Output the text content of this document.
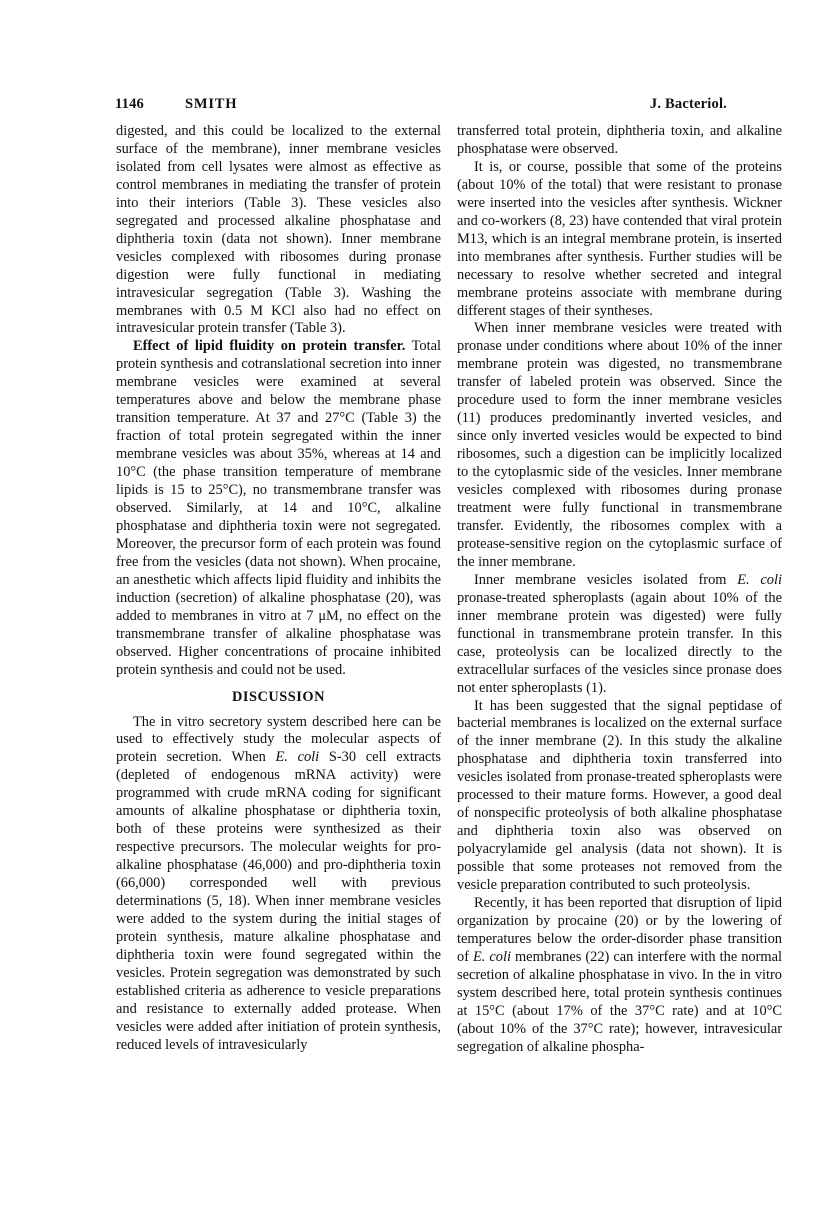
1146	SMITH	J. Bacteriol.

digested, and this could be localized to the external surface of the membrane), inner membrane vesicles isolated from cell lysates were almost as effective as control membranes in mediating the transfer of protein into their interiors (Table 3). These vesicles also segregated and processed alkaline phosphatase and diphtheria toxin (data not shown). Inner membrane vesicles complexed with ribosomes during pronase digestion were fully functional in mediating intravesicular segregation (Table 3). Washing the membranes with 0.5 M KCl also had no effect on intravesicular protein transfer (Table 3).

Effect of lipid fluidity on protein transfer. Total protein synthesis and cotranslational secretion into inner membrane vesicles were examined at several temperatures above and below the membrane phase transition temperature. At 37 and 27°C (Table 3) the fraction of total protein segregated within the inner membrane vesicles was about 35%, whereas at 14 and 10°C (the phase transition temperature of membrane lipids is 15 to 25°C), no transmembrane transfer was observed. Similarly, at 14 and 10°C, alkaline phosphatase and diphtheria toxin were not segregated. Moreover, the precursor form of each protein was found free from the vesicles (data not shown). When procaine, an anesthetic which affects lipid fluidity and inhibits the induction (secretion) of alkaline phosphatase (20), was added to membranes in vitro at 7 μM, no effect on the transmembrane transfer of alkaline phosphatase was observed. Higher concentrations of procaine inhibited protein synthesis and could not be used.

DISCUSSION

The in vitro secretory system described here can be used to effectively study the molecular aspects of protein secretion. When E. coli S-30 cell extracts (depleted of endogenous mRNA activity) were programmed with crude mRNA coding for significant amounts of alkaline phosphatase or diphtheria toxin, both of these proteins were synthesized as their respective precursors. The molecular weights for pro-alkaline phosphatase (46,000) and pro-diphtheria toxin (66,000) corresponded well with previous determinations (5, 18). When inner membrane vesicles were added to the system during the initial stages of protein synthesis, mature alkaline phosphatase and diphtheria toxin were found segregated within the vesicles. Protein segregation was demonstrated by such established criteria as adherence to vesicle preparations and resistance to externally added protease. When vesicles were added after initiation of protein synthesis, reduced levels of intravesicularly

transferred total protein, diphtheria toxin, and alkaline phosphatase were observed.

It is, or course, possible that some of the proteins (about 10% of the total) that were resistant to pronase were inserted into the vesicles after synthesis. Wickner and co-workers (8, 23) have contended that viral protein M13, which is an integral membrane protein, is inserted into membranes after synthesis. Further studies will be necessary to resolve whether secreted and integral membrane proteins associate with membrane during different stages of their syntheses.

When inner membrane vesicles were treated with pronase under conditions where about 10% of the inner membrane protein was digested, no transmembrane transfer of labeled protein was observed. Since the procedure used to form the inner membrane vesicles (11) produces predominantly inverted vesicles, and since only inverted vesicles would be expected to bind ribosomes, such a digestion can be implicitly localized to the cytoplasmic side of the vesicles. Inner membrane vesicles complexed with ribosomes during pronase treatment were fully functional in transmembrane transfer. Evidently, the ribosomes complex with a protease-sensitive region on the cytoplasmic surface of the inner membrane.

Inner membrane vesicles isolated from E. coli pronase-treated spheroplasts (again about 10% of the inner membrane protein was digested) were fully functional in transmembrane protein transfer. In this case, proteolysis can be localized directly to the extracellular surfaces of the vesicles since pronase does not enter spheroplasts (1).

It has been suggested that the signal peptidase of bacterial membranes is localized on the external surface of the inner membrane (2). In this study the alkaline phosphatase and diphtheria toxin transferred into vesicles isolated from pronase-treated spheroplasts were processed to their mature forms. However, a good deal of nonspecific proteolysis of both alkaline phosphatase and diphtheria toxin also was observed on polyacrylamide gel analysis (data not shown). It is possible that some proteases not removed from the vesicle preparation contributed to such proteolysis.

Recently, it has been reported that disruption of lipid organization by procaine (20) or by the lowering of temperatures below the order-disorder phase transition of E. coli membranes (22) can interfere with the normal secretion of alkaline phosphatase in vivo. In the in vitro system described here, total protein synthesis continues at 15°C (about 17% of the 37°C rate) and at 10°C (about 10% of the 37°C rate); however, intravesicular segregation of alkaline phospha-
